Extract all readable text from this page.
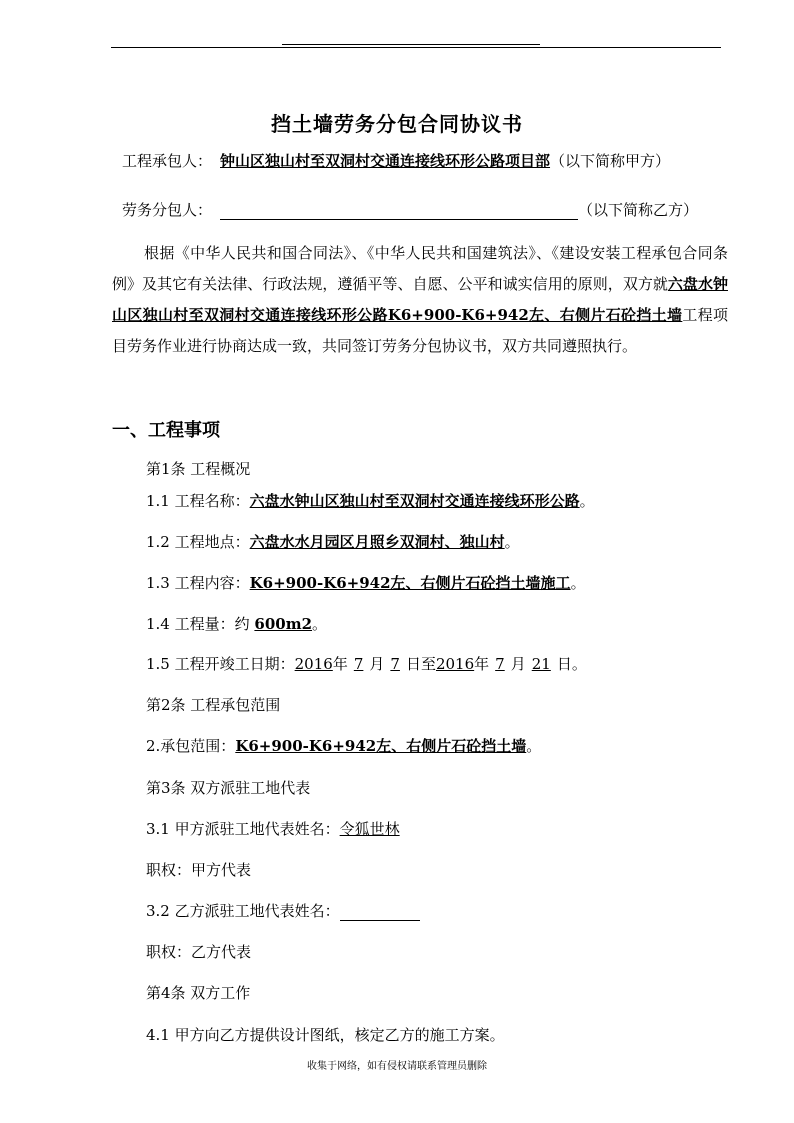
挡土墙劳务分包合同协议书
工程承包人： 钟山区独山村至双洞村交通连接线环形公路项目部（以下简称甲方）
劳务分包人：	（以下简称乙方）
根据《中华人民共和国合同法》、《中华人民共和国建筑法》、《建设安装工程承包合同条例》及其它有关法律、行政法规，遵循平等、自愿、公平和诚实信用的原则，双方就六盘水钟山区独山村至双洞村交通连接线环形公路K6+900-K6+942左、右侧片石砼挡土墙工程项目劳务作业进行协商达成一致，共同签订劳务分包协议书，双方共同遵照执行。
一、工程事项
第1条 工程概况
1.1 工程名称：六盘水钟山区独山村至双洞村交通连接线环形公路。
1.2 工程地点：六盘水水月园区月照乡双洞村、独山村。
1.3 工程内容：K6+900-K6+942左、右侧片石砼挡土墙施工。
1.4 工程量：约 600m2。
1.5 工程开竣工日期：2016年 7 月 7 日至2016年 7 月 21 日。
第2条 工程承包范围
2.承包范围：K6+900-K6+942左、右侧片石砼挡土墙。
第3条 双方派驻工地代表
3.1 甲方派驻工地代表姓名：令狐世林
职权：甲方代表
3.2 乙方派驻工地代表姓名：
职权：乙方代表
第4条 双方工作
4.1 甲方向乙方提供设计图纸，核定乙方的施工方案。
收集于网络，如有侵权请联系管理员删除
